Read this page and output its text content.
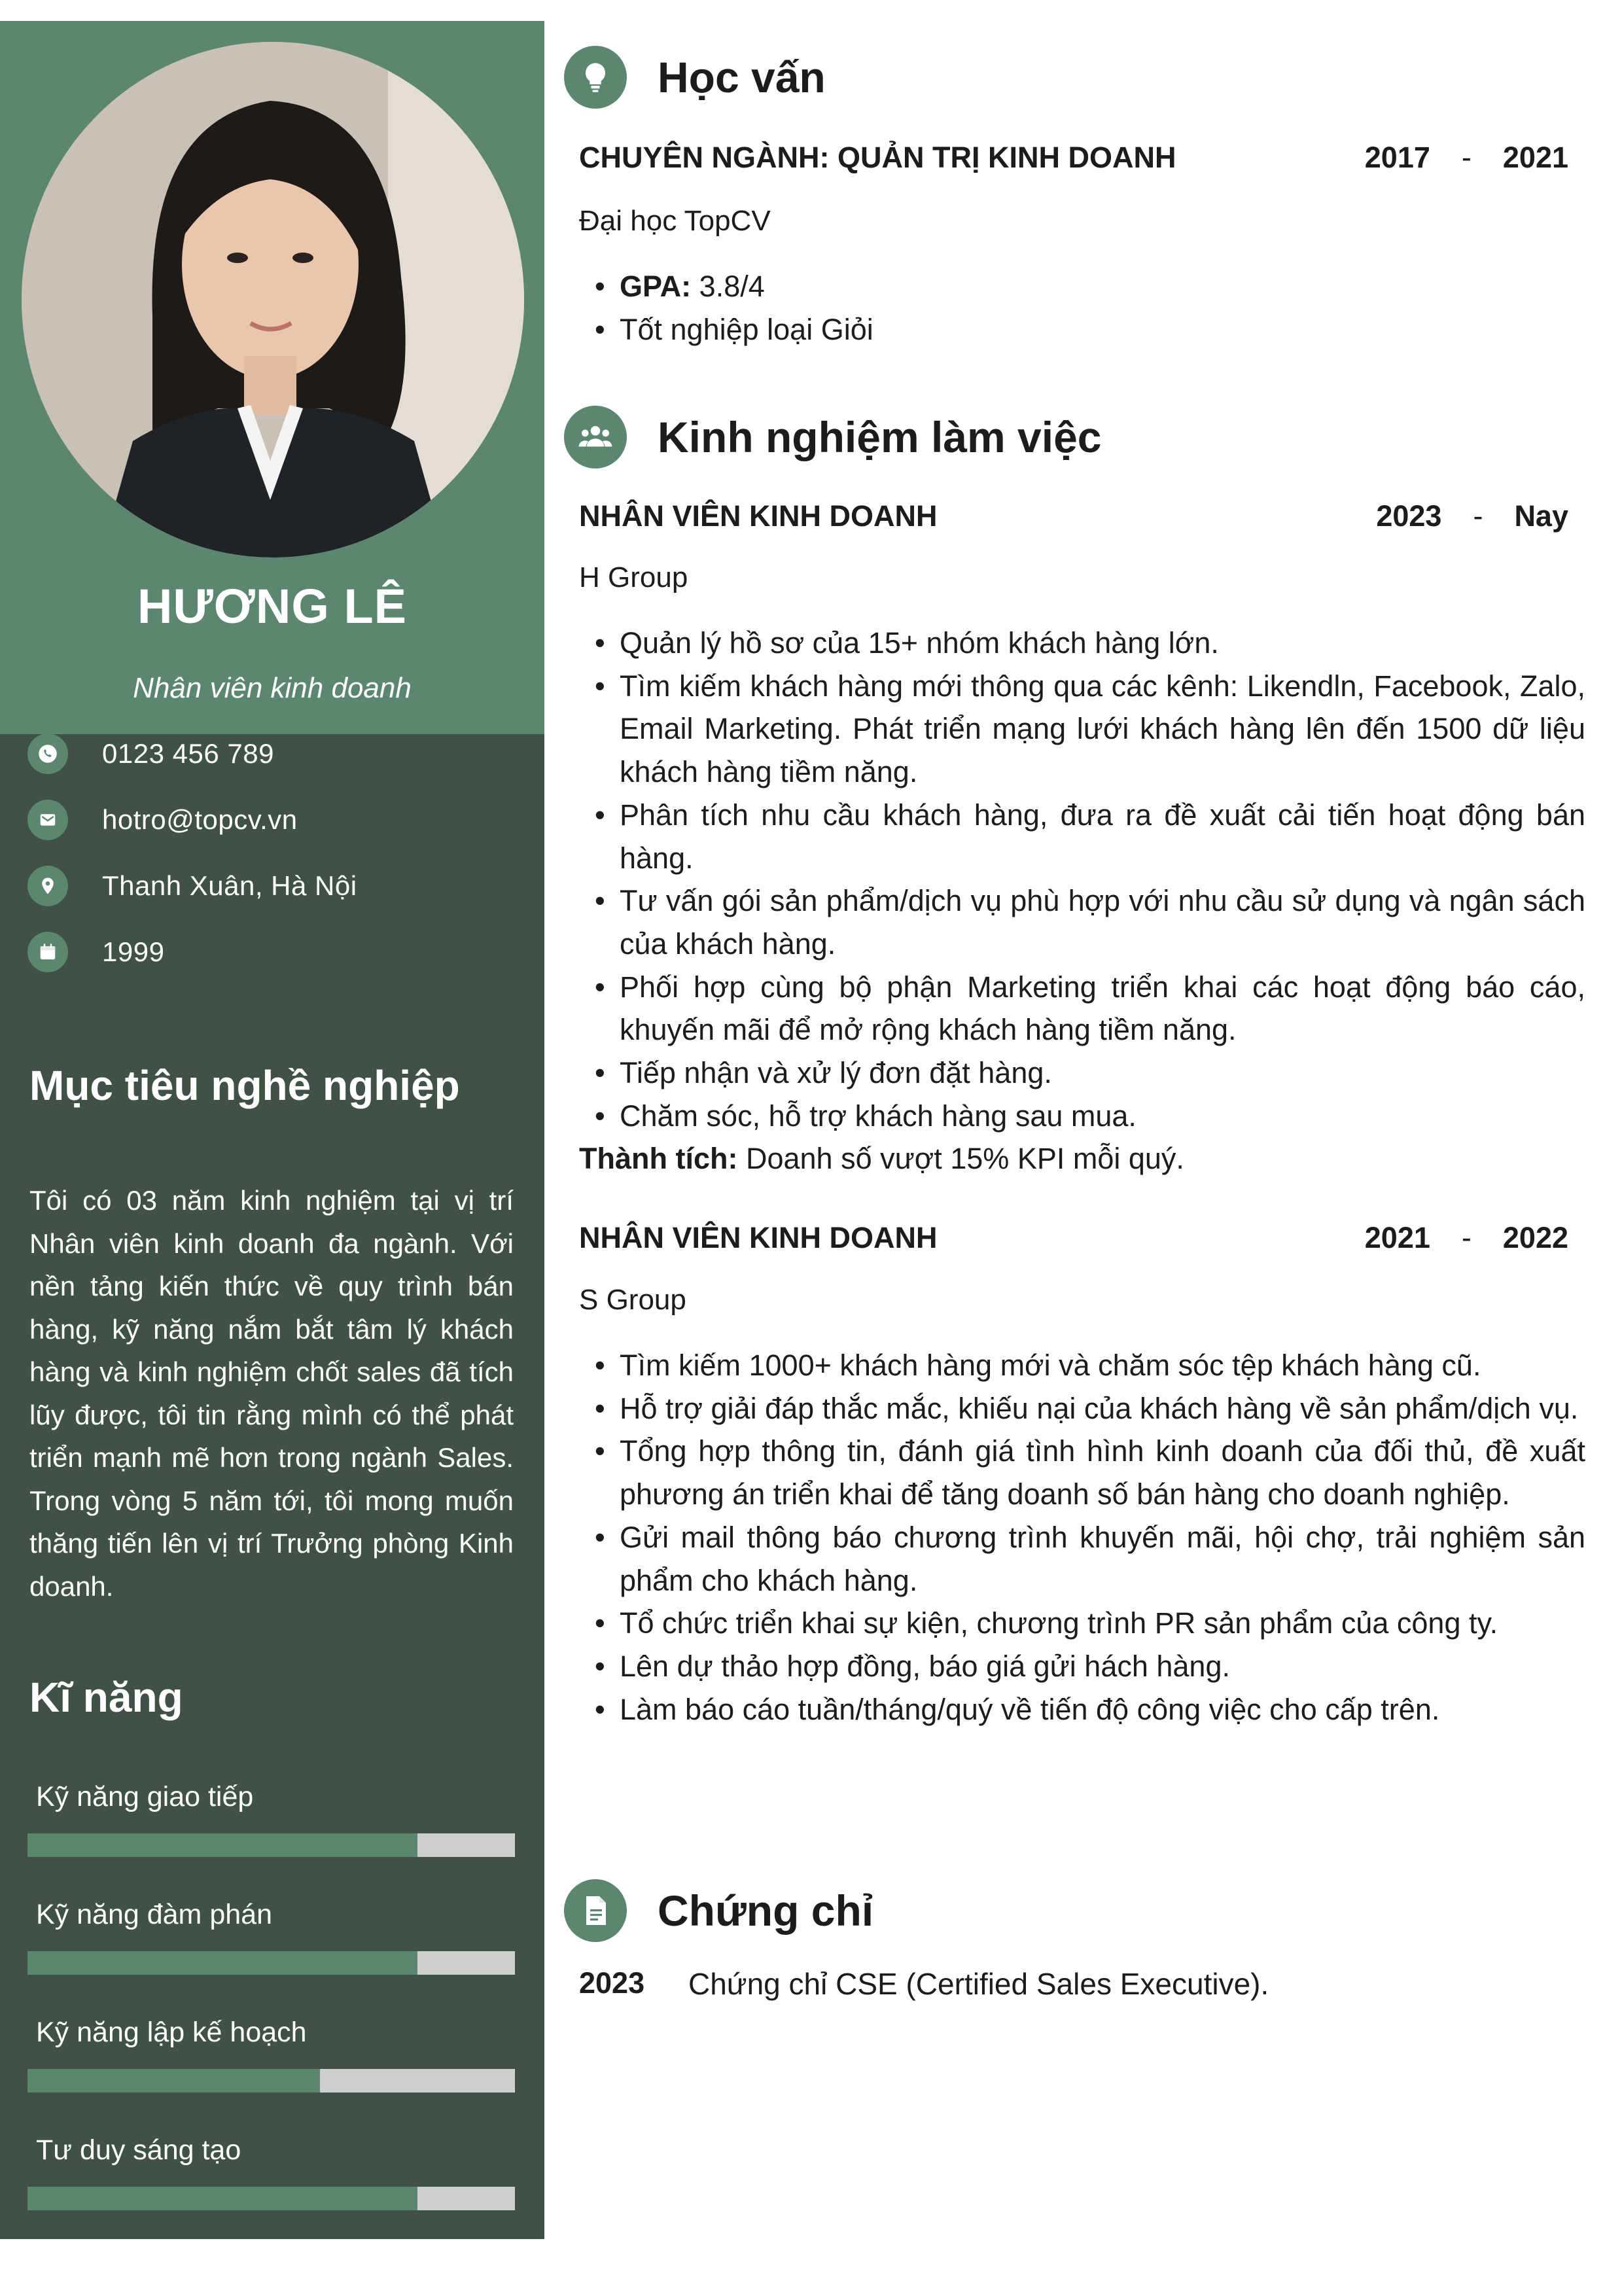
HƯƠNG LÊ
Nhân viên kinh doanh
0123 456 789
hotro@topcv.vn
Thanh Xuân, Hà Nội
1999
Mục tiêu nghề nghiệp
Tôi có 03 năm kinh nghiệm tại vị trí Nhân viên kinh doanh đa ngành. Với nền tảng kiến thức về quy trình bán hàng, kỹ năng nắm bắt tâm lý khách hàng và kinh nghiệm chốt sales đã tích lũy được, tôi tin rằng mình có thể phát triển mạnh mẽ hơn trong ngành Sales. Trong vòng 5 năm tới, tôi mong muốn thăng tiến lên vị trí Trưởng phòng Kinh doanh.
Kĩ năng
Kỹ năng giao tiếp
Kỹ năng đàm phán
Kỹ năng lập kế hoạch
Tư duy sáng tạo
Học vấn
CHUYÊN NGÀNH: QUẢN TRỊ KINH DOANH	2017 - 2021
Đại học TopCV
• GPA: 3.8/4
• Tốt nghiệp loại Giỏi
Kinh nghiệm làm việc
NHÂN VIÊN KINH DOANH	2023 - Nay
H Group
• Quản lý hồ sơ của 15+ nhóm khách hàng lớn.
• Tìm kiếm khách hàng mới thông qua các kênh: Likendln, Facebook, Zalo, Email Marketing. Phát triển mạng lưới khách hàng lên đến 1500 dữ liệu khách hàng tiềm năng.
• Phân tích nhu cầu khách hàng, đưa ra đề xuất cải tiến hoạt động bán hàng.
• Tư vấn gói sản phẩm/dịch vụ phù hợp với nhu cầu sử dụng và ngân sách của khách hàng.
• Phối hợp cùng bộ phận Marketing triển khai các hoạt động báo cáo, khuyến mãi để mở rộng khách hàng tiềm năng.
• Tiếp nhận và xử lý đơn đặt hàng.
• Chăm sóc, hỗ trợ khách hàng sau mua.
Thành tích: Doanh số vượt 15% KPI mỗi quý.
NHÂN VIÊN KINH DOANH	2021 - 2022
S Group
• Tìm kiếm 1000+ khách hàng mới và chăm sóc tệp khách hàng cũ.
• Hỗ trợ giải đáp thắc mắc, khiếu nại của khách hàng về sản phẩm/dịch vụ.
• Tổng hợp thông tin, đánh giá tình hình kinh doanh của đối thủ, đề xuất phương án triển khai để tăng doanh số bán hàng cho doanh nghiệp.
• Gửi mail thông báo chương trình khuyến mãi, hội chợ, trải nghiệm sản phẩm cho khách hàng.
• Tổ chức triển khai sự kiện, chương trình PR sản phẩm của công ty.
• Lên dự thảo hợp đồng, báo giá gửi hách hàng.
• Làm báo cáo tuần/tháng/quý về tiến độ công việc cho cấp trên.
Chứng chỉ
2023 Chứng chỉ CSE (Certified Sales Executive).
